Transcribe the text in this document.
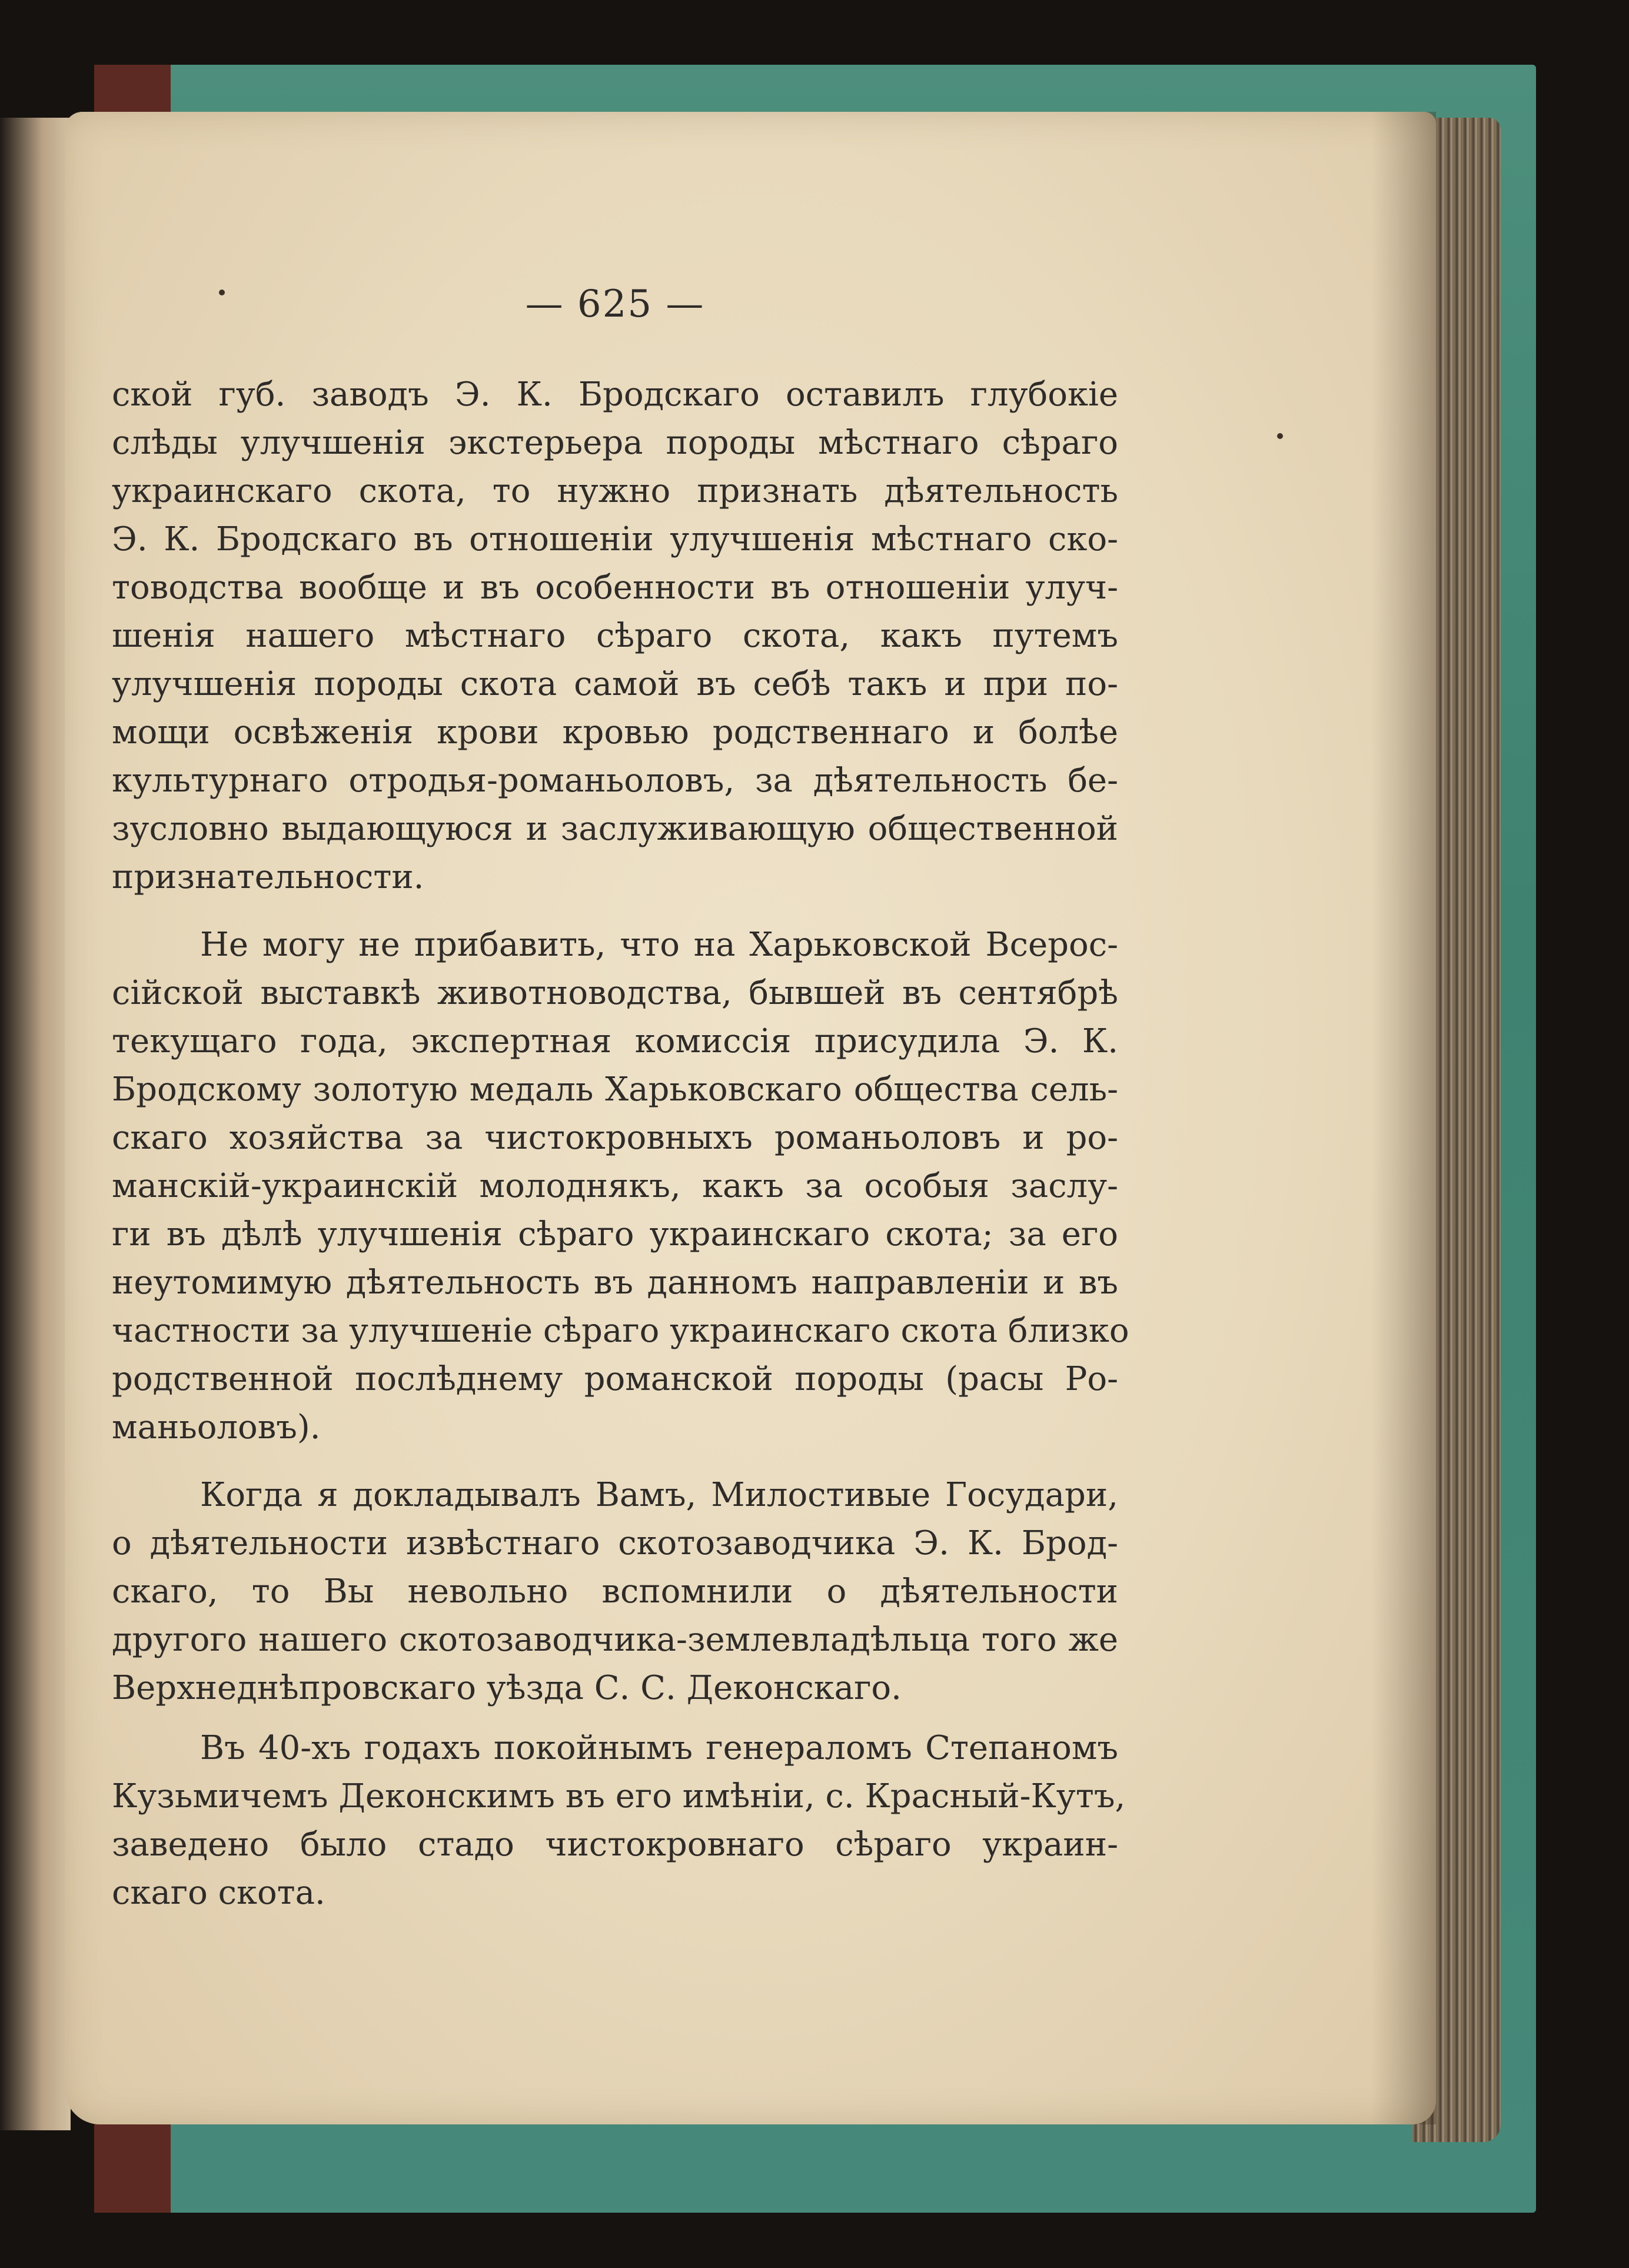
— 625 —
ской губ. заводъ Э. К. Бродскаго оставилъ глубокіе
слѣды улучшенія экстерьера породы мѣстнаго сѣраго
украинскаго скота, то нужно признать дѣятельность
Э. К. Бродскаго въ отношеніи улучшенія мѣстнаго ско-
товодства вообще и въ особенности въ отношеніи улуч-
шенія нашего мѣстнаго сѣраго скота, какъ путемъ
улучшенія породы скота самой въ себѣ такъ и при по-
мощи освѣженія крови кровью родственнаго и болѣе
культурнаго отродья-романьоловъ, за дѣятельность бе-
зусловно выдающуюся и заслуживающую общественной
признательности.
Не могу не прибавить, что на Харьковской Всерос-
сійской выставкѣ животноводства, бывшей въ сентябрѣ
текущаго года, экспертная комиссія присудила Э. К.
Бродскому золотую медаль Харьковскаго общества сель-
скаго хозяйства за чистокровныхъ романьоловъ и ро-
манскій-украинскій молоднякъ, какъ за особыя заслу-
ги въ дѣлѣ улучшенія сѣраго украинскаго скота; за его
неутомимую дѣятельность въ данномъ направленіи и въ
частности за улучшеніе сѣраго украинскаго скота близко
родственной послѣднему романской породы (расы Ро-
маньоловъ).
Когда я докладывалъ Вамъ, Милостивые Государи,
о дѣятельности извѣстнаго скотозаводчика Э. К. Брод-
скаго, то Вы невольно вспомнили о дѣятельности
другого нашего скотозаводчика-землевладѣльца того же
Верхнеднѣпровскаго уѣзда С. С. Деконскаго.
Въ 40-хъ годахъ покойнымъ генераломъ Степаномъ
Кузьмичемъ Деконскимъ въ его имѣніи, с. Красный-Кутъ,
заведено было стадо чистокровнаго сѣраго украин-
скаго скота.
